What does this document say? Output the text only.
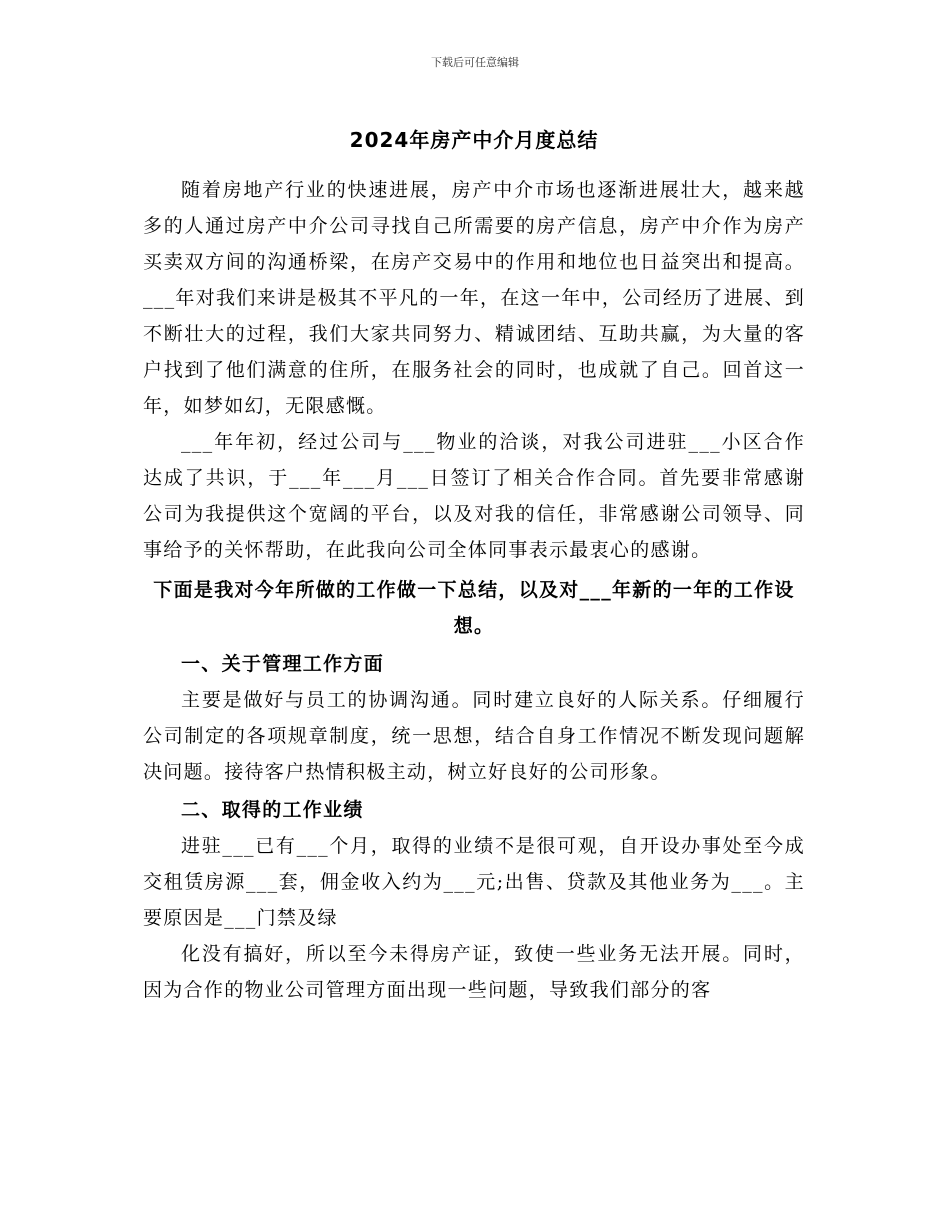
下载后可任意编辑
2024年房产中介月度总结

随着房地产行业的快速进展，房产中介市场也逐渐进展壮大，越来越多的人通过房产中介公司寻找自己所需要的房产信息，房产中介作为房产买卖双方间的沟通桥梁，在房产交易中的作用和地位也日益突出和提高。___年对我们来讲是极其不平凡的一年，在这一年中，公司经历了进展、到不断壮大的过程，我们大家共同努力、精诚团结、互助共赢，为大量的客户找到了他们满意的住所，在服务社会的同时，也成就了自己。回首这一年，如梦如幻，无限感慨。

___年年初，经过公司与___物业的洽谈，对我公司进驻___小区合作达成了共识，于___年___月___日签订了相关合作合同。首先要非常感谢公司为我提供这个宽阔的平台，以及对我的信任，非常感谢公司领导、同事给予的关怀帮助，在此我向公司全体同事表示最衷心的感谢。

下面是我对今年所做的工作做一下总结，以及对___年新的一年的工作设想。
一、关于管理工作方面

主要是做好与员工的协调沟通。同时建立良好的人际关系。仔细履行公司制定的各项规章制度，统一思想，结合自身工作情况不断发现问题解决问题。接待客户热情积极主动，树立好良好的公司形象。

二、取得的工作业绩

进驻___已有___个月，取得的业绩不是很可观，自开设办事处至今成交租赁房源___套，佣金收入约为___元;出售、贷款及其他业务为___。主要原因是___门禁及绿

化没有搞好，所以至今未得房产证，致使一些业务无法开展。同时，因为合作的物业公司管理方面出现一些问题，导致我们部分的客
